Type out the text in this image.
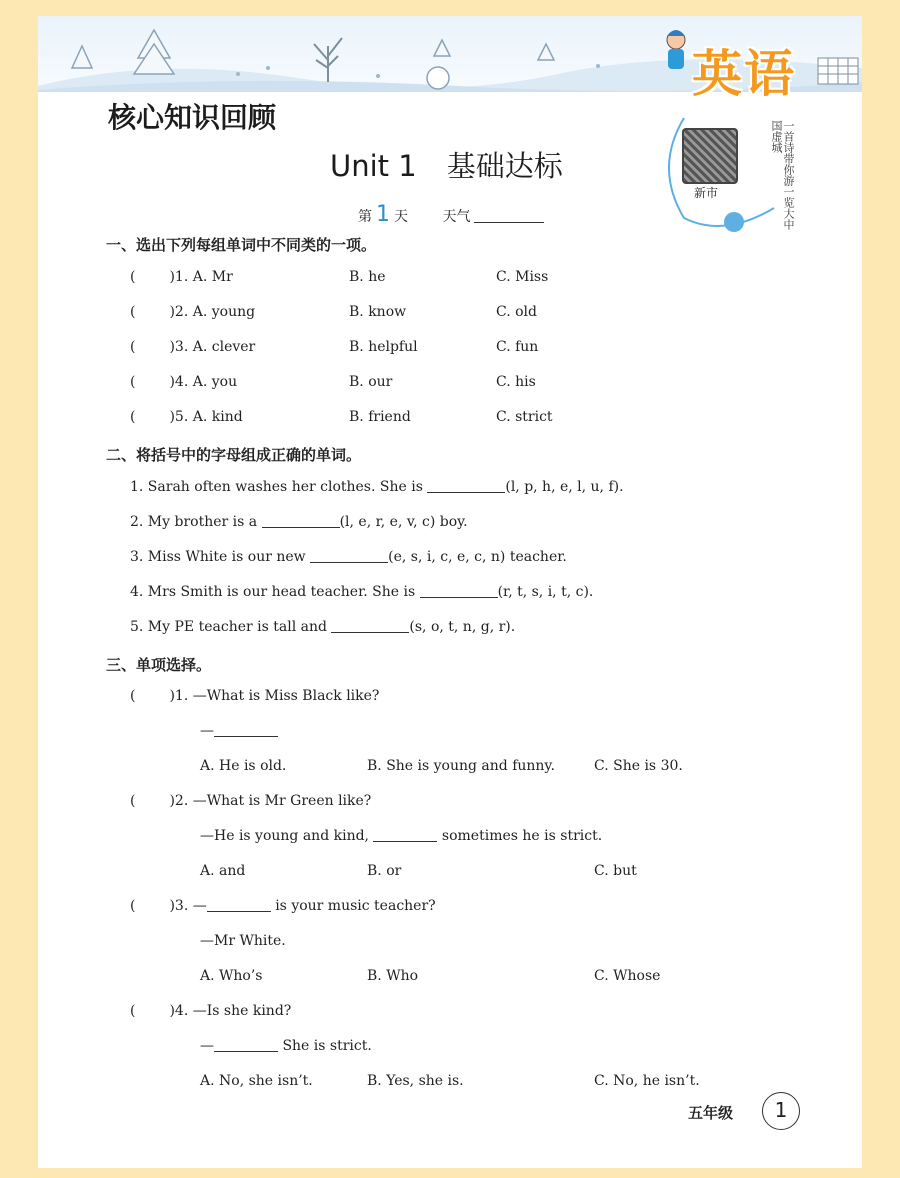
英语
核心知识回顾
Unit 1 基础达标
第 1 天 天气
新市	一首诗带你游一览大中国虚城
一、选出下列每组单词中不同类的一项。
( )1. A. Mr	B. he	C. Miss
( )2. A. young	B. know	C. old
( )3. A. clever	B. helpful	C. fun
( )4. A. you	B. our	C. his
( )5. A. kind	B. friend	C. strict
二、将括号中的字母组成正确的单词。
1. Sarah often washes her clothes. She is	(l, p, h, e, l, u, f).
2. My brother is a	(l, e, r, e, v, c) boy.
3. Miss White is our new	(e, s, i, c, e, c, n) teacher.
4. Mrs Smith is our head teacher. She is	(r, t, s, i, t, c).
5. My PE teacher is tall and	(s, o, t, n, g, r).
三、单项选择。
( )1. —What is Miss Black like?
—
A. He is old.	B. She is young and funny.	C. She is 30.
( )2. —What is Mr Green like?
—He is young and kind,	sometimes he is strict.
A. and	B. or	C. but
( )3. —	is your music teacher?
—Mr White.
A. Who’s	B. Who	C. Whose
( )4. —Is she kind?
—	She is strict.
A. No, she isn’t.	B. Yes, she is.	C. No, he isn’t.
五年级	1
